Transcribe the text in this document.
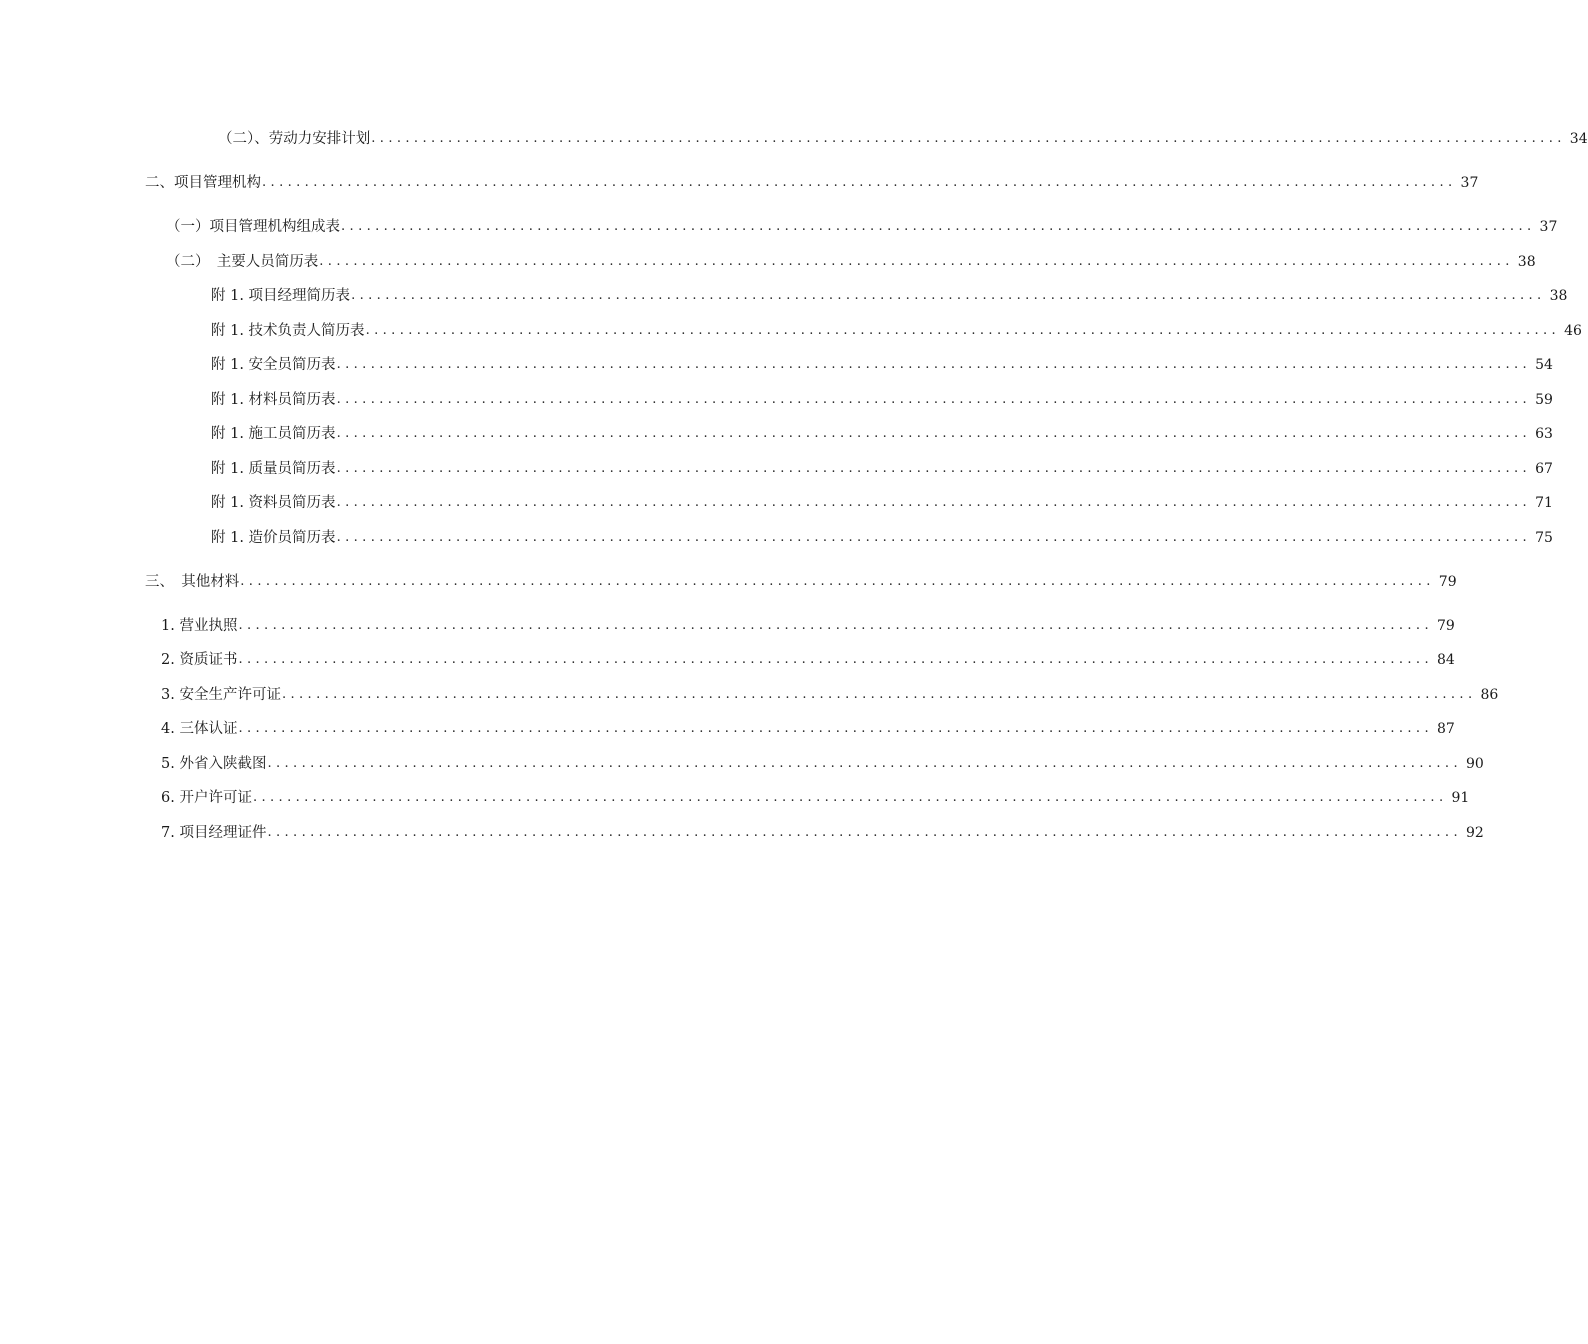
（二）、劳动力安排计划 ............................................................................................................................................ 34
二、项目管理机构 ............................................................................................................................................ 37
（一）项目管理机构组成表 ............................................................................................................................................ 37
（二）　主要人员简历表 ............................................................................................................................................ 38
附 1. 项目经理简历表 ............................................................................................................................................ 38
附 1. 技术负责人简历表 ............................................................................................................................................ 46
附 1. 安全员简历表 ............................................................................................................................................ 54
附 1. 材料员简历表 ............................................................................................................................................ 59
附 1. 施工员简历表 ............................................................................................................................................ 63
附 1. 质量员简历表 ............................................................................................................................................ 67
附 1. 资料员简历表 ............................................................................................................................................ 71
附 1. 造价员简历表 ............................................................................................................................................ 75
三、　其他材料 ............................................................................................................................................ 79
1. 营业执照 ............................................................................................................................................ 79
2. 资质证书 ............................................................................................................................................ 84
3. 安全生产许可证 ............................................................................................................................................ 86
4. 三体认证 ............................................................................................................................................ 87
5. 外省入陕截图 ............................................................................................................................................ 90
6. 开户许可证 ............................................................................................................................................ 91
7. 项目经理证件 ............................................................................................................................................ 92
